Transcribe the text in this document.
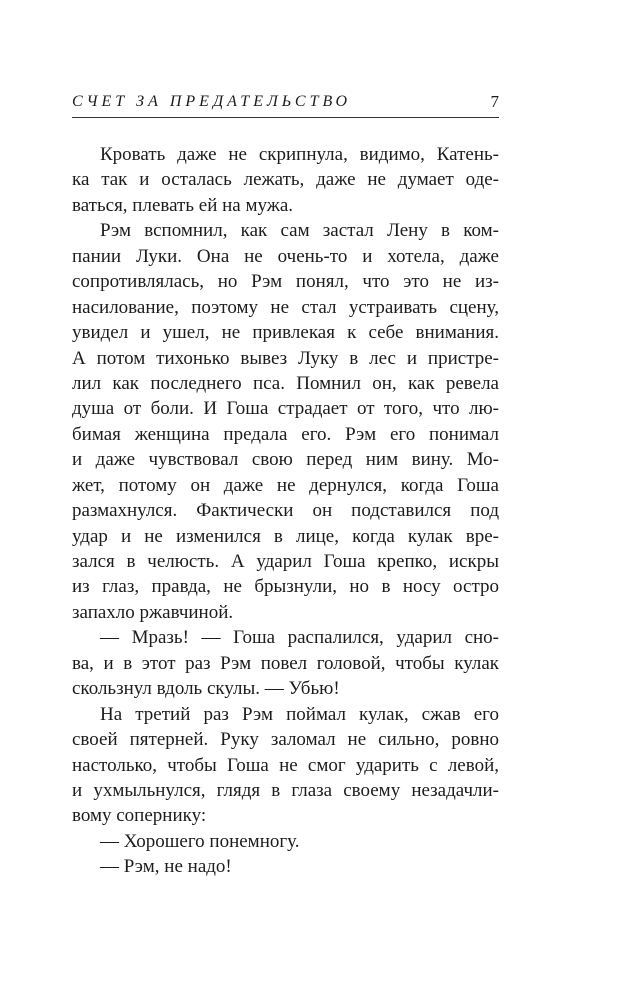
СЧЕТ ЗА ПРЕДАТЕЛЬСТВО	7
Кровать даже не скрипнула, видимо, Катень-
ка так и осталась лежать, даже не думает оде-
ваться, плевать ей на мужа.
Рэм вспомнил, как сам застал Лену в ком-
пании Луки. Она не очень-то и хотела, даже
сопротивлялась, но Рэм понял, что это не из-
насилование, поэтому не стал устраивать сцену,
увидел и ушел, не привлекая к себе внимания.
А потом тихонько вывез Луку в лес и пристре-
лил как последнего пса. Помнил он, как ревела
душа от боли. И Гоша страдает от того, что лю-
бимая женщина предала его. Рэм его понимал
и даже чувствовал свою перед ним вину. Мо-
жет, потому он даже не дернулся, когда Гоша
размахнулся. Фактически он подставился под
удар и не изменился в лице, когда кулак вре-
зался в челюсть. А ударил Гоша крепко, искры
из глаз, правда, не брызнули, но в носу остро
запахло ржавчиной.
— Мразь! — Гоша распалился, ударил сно-
ва, и в этот раз Рэм повел головой, чтобы кулак
скользнул вдоль скулы. — Убью!
На третий раз Рэм поймал кулак, сжав его
своей пятерней. Руку заломал не сильно, ровно
настолько, чтобы Гоша не смог ударить с левой,
и ухмыльнулся, глядя в глаза своему незадачли-
вому сопернику:
— Хорошего понемногу.
— Рэм, не надо!
